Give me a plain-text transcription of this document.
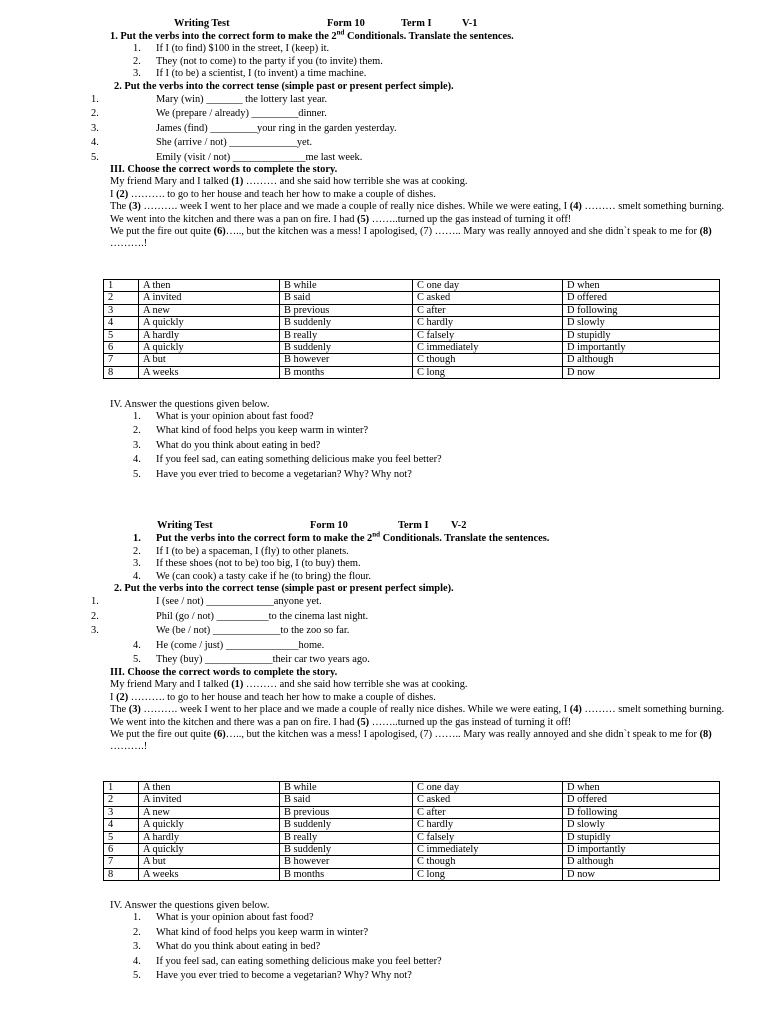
Writing Test	Form 10	Term I	V-1
1. Put the verbs into the correct form to make the 2nd Conditionals. Translate the sentences.
1. If I (to find) $100 in the street, I (keep) it.
2. They (not to come) to the party if you (to invite) them.
3. If I (to be) a scientist, I (to invent) a time machine.
2. Put the verbs into the correct tense (simple past or present perfect simple).
1.	Mary (win) _______ the lottery last year.
2.	We (prepare / already) _________dinner.
3.	James (find) _________your ring in the garden yesterday.
4.	She (arrive / not) _____________yet.
5.	Emily (visit / not) ______________me last week.

III. Choose the correct words to complete the story.

My friend Mary and I talked (1) ……… and she said how terrible she was at cooking.

I (2) ………. to go to her house and teach her how to make a couple of dishes.

The (3) ………. week I went to her place and we made a couple of really nice dishes. While we were eating, I (4) ……… smelt something burning. We went into the kitchen and there was a pan on fire. I had (5) ……..turned up the gas instead of turning it off!

We put the fire out quite (6)….., but the kitchen was a mess! I apologised, (7) …….. Mary was really annoyed and she didn`t speak to me for (8) ……….!

1	A then	B while	C one day	D when
2	A invited	B said	C asked	D offered
3	A new	B previous	C after	D following
4	A quickly	B suddenly	C hardly	D slowly
5	A hardly	B really	C falsely	D stupidly
6	A quickly	B suddenly	C immediately	D importantly
7	A but	B however	C though	D although
8	A weeks	B months	C long	D now
IV. Answer the questions given below.
1. What is your opinion about fast food?
2. What kind of food helps you keep warm in winter?
3. What do you think about eating in bed?
4. If you feel sad, can eating something delicious make you feel better?
5. Have you ever tried to become a vegetarian? Why? Why not?
Writing Test	Form 10	Term I V-2
1. Put the verbs into the correct form to make the 2nd Conditionals. Translate the sentences.
2. If I (to be) a spaceman, I (fly) to other planets.
3. If these shoes (not to be) too big, I (to buy) them.
4. We (can cook) a tasty cake if he (to bring) the flour.
2. Put the verbs into the correct tense (simple past or present perfect simple).
1.	I (see / not) _____________anyone yet.
2.	Phil (go / not) __________to the cinema last night.
3.	We (be / not) _____________to the zoo so far.
4. He (come / just) ______________home.
5. They (buy) _____________their car two years ago.

III. Choose the correct words to complete the story.

My friend Mary and I talked (1) ……… and she said how terrible she was at cooking.

I (2) ………. to go to her house and teach her how to make a couple of dishes.

The (3) ………. week I went to her place and we made a couple of really nice dishes. While we were eating, I (4) ……… smelt something burning. We went into the kitchen and there was a pan on fire. I had (5) ……..turned up the gas instead of turning it off!

We put the fire out quite (6)….., but the kitchen was a mess! I apologised, (7) …….. Mary was really annoyed and she didn`t speak to me for (8) ……….!

1	A then	B while	C one day	D when
2	A invited	B said	C asked	D offered
3	A new	B previous	C after	D following
4	A quickly	B suddenly	C hardly	D slowly
5	A hardly	B really	C falsely	D stupidly
6	A quickly	B suddenly	C immediately	D importantly
7	A but	B however	C though	D although
8	A weeks	B months	C long	D now
IV. Answer the questions given below.
1. What is your opinion about fast food?
2. What kind of food helps you keep warm in winter?
3. What do you think about eating in bed?
4. If you feel sad, can eating something delicious make you feel better?
5. Have you ever tried to become a vegetarian? Why? Why not?
